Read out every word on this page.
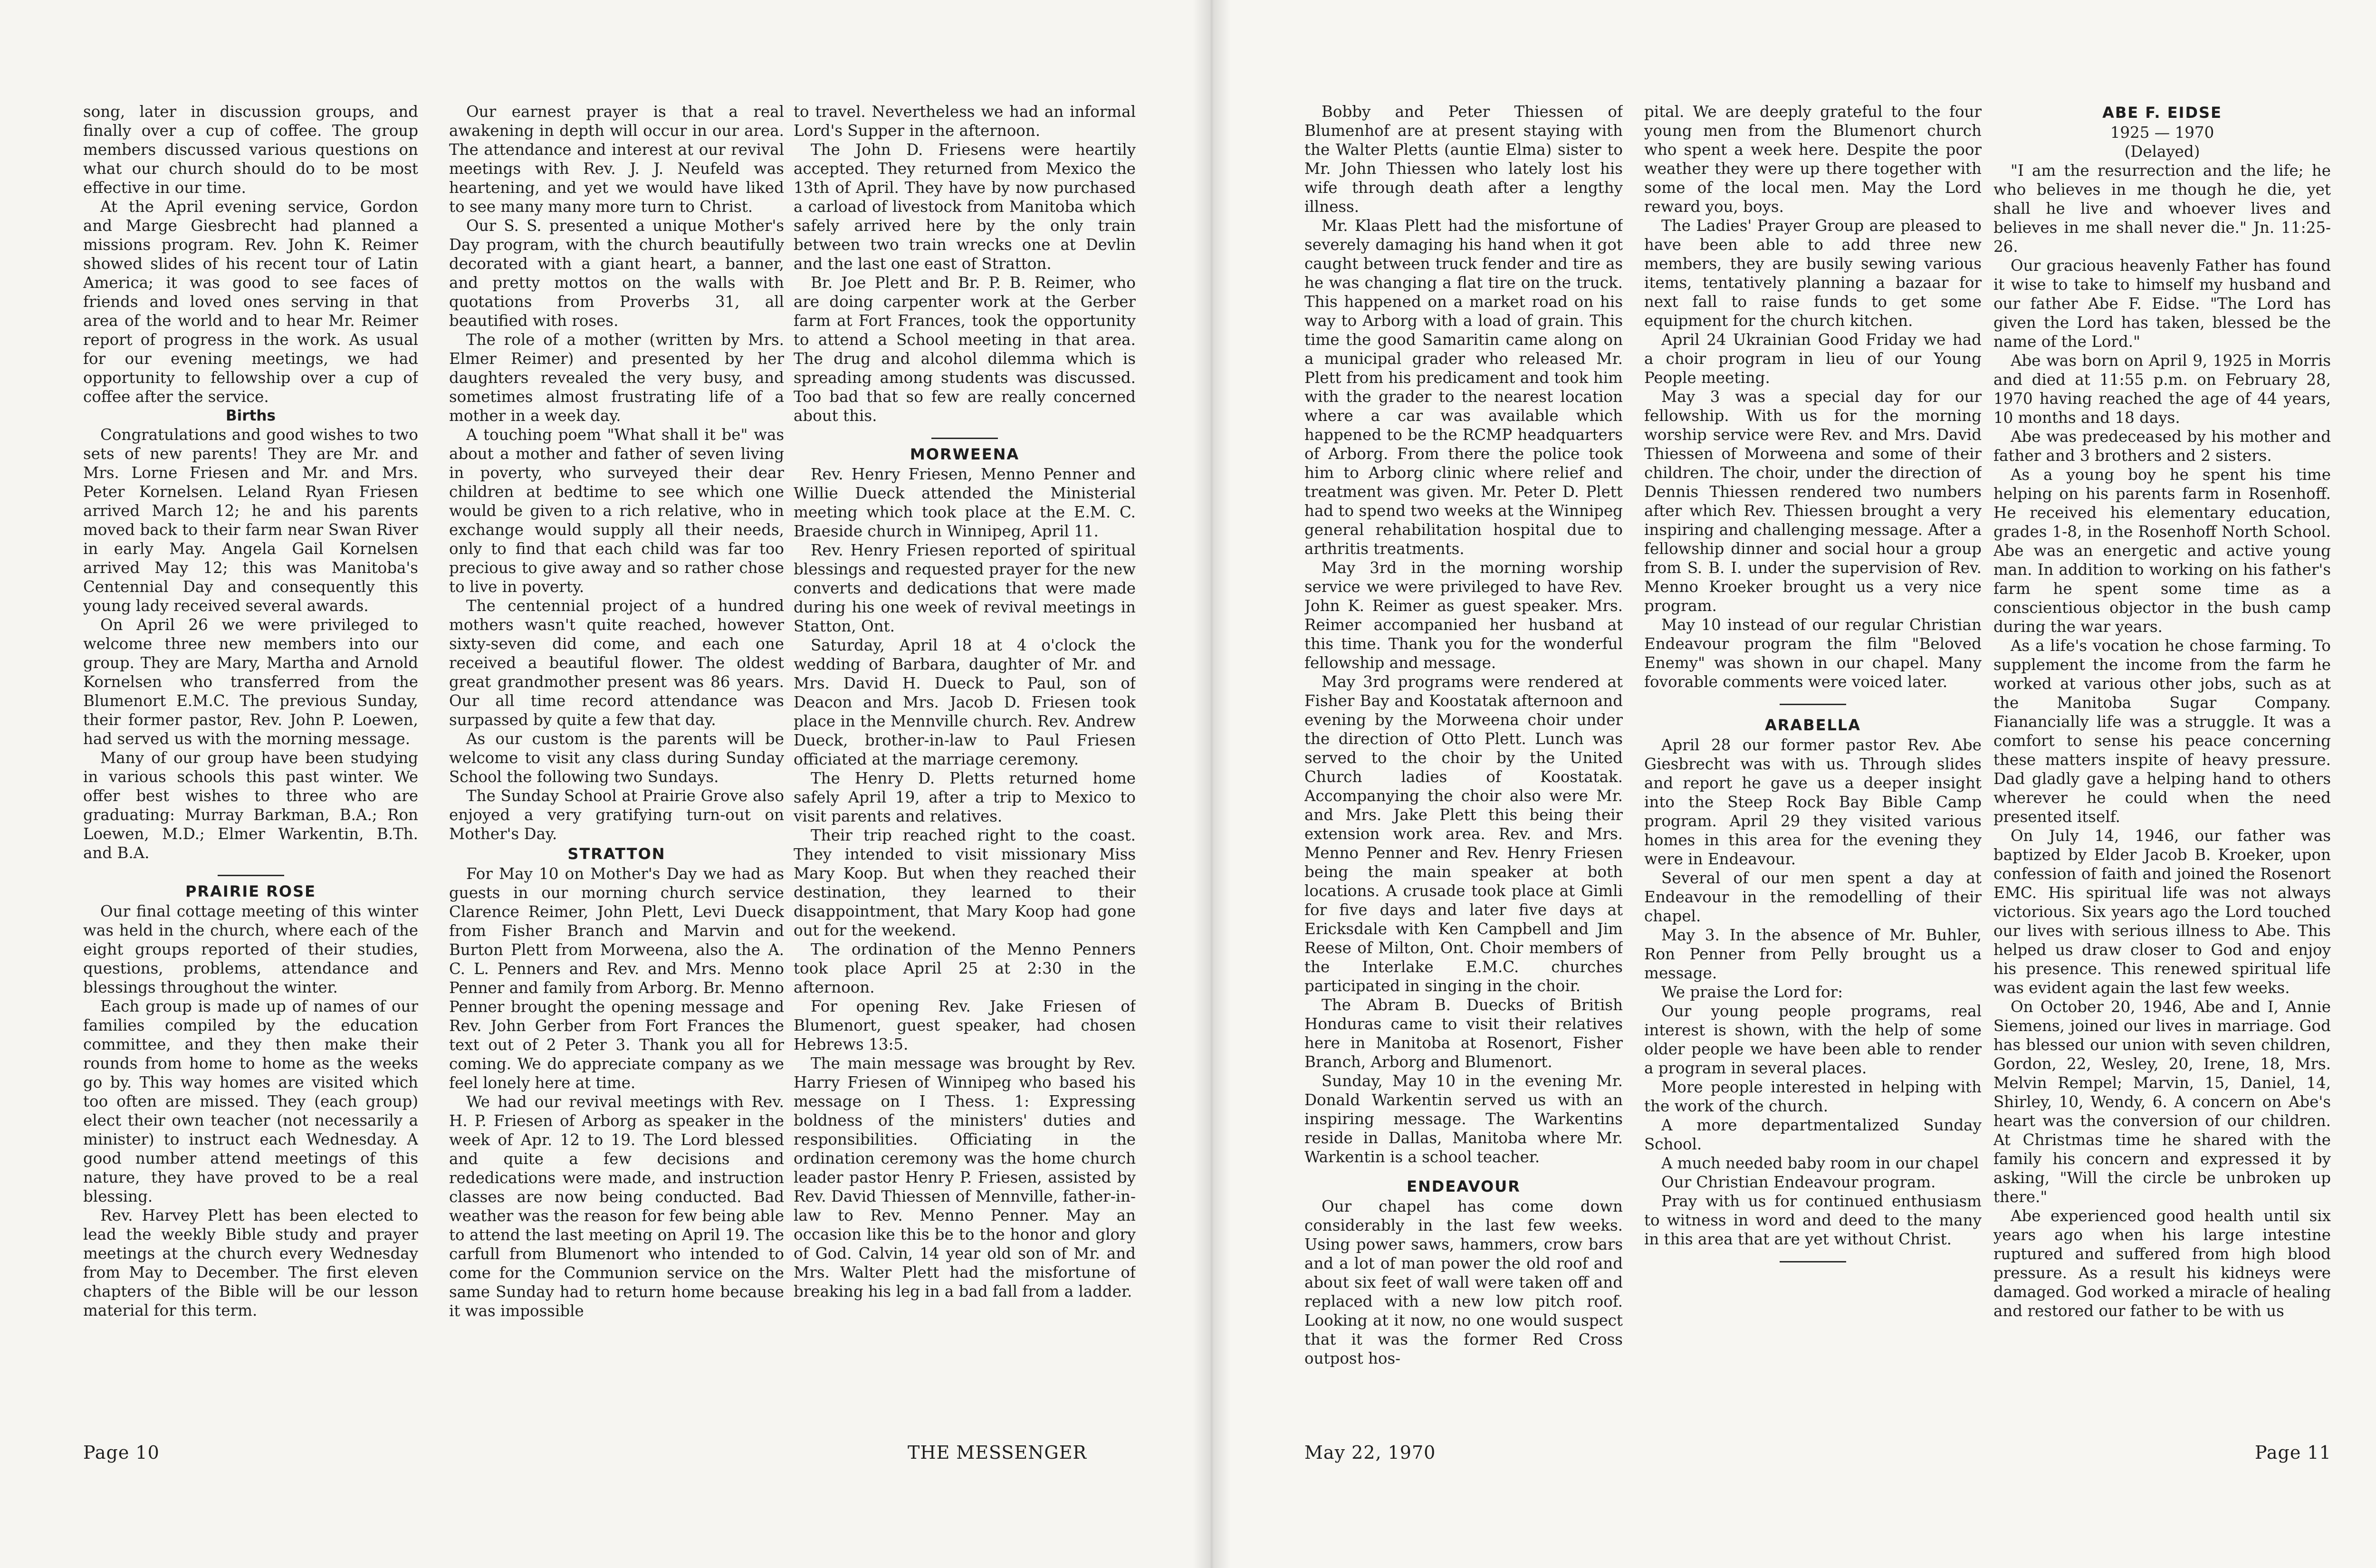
song, later in discussion groups, and finally over a cup of coffee. The group members discussed various questions on what our church should do to be most effective in our time.

At the April evening service, Gordon and Marge Giesbrecht had planned a missions program. Rev. John K. Reimer showed slides of his recent tour of Latin America; it was good to see faces of friends and loved ones serving in that area of the world and to hear Mr. Reimer report of progress in the work. As usual for our evening meetings, we had opportunity to fellowship over a cup of coffee after the service.

Births

Congratulations and good wishes to two sets of new parents! They are Mr. and Mrs. Lorne Friesen and Mr. and Mrs. Peter Kornelsen. Leland Ryan Friesen arrived March 12; he and his parents moved back to their farm near Swan River in early May. Angela Gail Kornelsen arrived May 12; this was Manitoba's Centennial Day and consequently this young lady received several awards.

On April 26 we were privileged to welcome three new members into our group. They are Mary, Martha and Arnold Kornelsen who transferred from the Blumenort E.M.C. The previous Sunday, their former pastor, Rev. John P. Loewen, had served us with the morning message.

Many of our group have been studying in various schools this past winter. We offer best wishes to three who are graduating: Murray Barkman, B.A.; Ron Loewen, M.D.; Elmer Warkentin, B.Th. and B.A.

PRAIRIE ROSE

Our final cottage meeting of this winter was held in the church, where each of the eight groups reported of their studies, questions, problems, attendance and blessings throughout the winter.

Each group is made up of names of our families compiled by the education committee, and they then make their rounds from home to home as the weeks go by. This way homes are visited which too often are missed. They (each group) elect their own teacher (not necessarily a minister) to instruct each Wednesday. A good number attend meetings of this nature, they have proved to be a real blessing.

Rev. Harvey Plett has been elected to lead the weekly Bible study and prayer meetings at the church every Wednesday from May to December. The first eleven chapters of the Bible will be our lesson material for this term.

Our earnest prayer is that a real awakening in depth will occur in our area. The attendance and interest at our revival meetings with Rev. J. J. Neufeld was heartening, and yet we would have liked to see many many more turn to Christ.

Our S. S. presented a unique Mother's Day program, with the church beautifully decorated with a giant heart, a banner, and pretty mottos on the walls with quotations from Proverbs 31, all beautified with roses.

The role of a mother (written by Mrs. Elmer Reimer) and presented by her daughters revealed the very busy, and sometimes almost frustrating life of a mother in a week day.

A touching poem "What shall it be" was about a mother and father of seven living in poverty, who surveyed their dear children at bedtime to see which one would be given to a rich relative, who in exchange would supply all their needs, only to find that each child was far too precious to give away and so rather chose to live in poverty.

The centennial project of a hundred mothers wasn't quite reached, however sixty-seven did come, and each one received a beautiful flower. The oldest great grandmother present was 86 years. Our all time record attendance was surpassed by quite a few that day.

As our custom is the parents will be welcome to visit any class during Sunday School the following two Sundays.

The Sunday School at Prairie Grove also enjoyed a very gratifying turn-out on Mother's Day.

STRATTON

For May 10 on Mother's Day we had as guests in our morning church service Clarence Reimer, John Plett, Levi Dueck from Fisher Branch and Marvin and Burton Plett from Morweena, also the A. C. L. Penners and Rev. and Mrs. Menno Penner and family from Arborg. Br. Menno Penner brought the opening message and Rev. John Gerber from Fort Frances the text out of 2 Peter 3. Thank you all for coming. We do appreciate company as we feel lonely here at time.

We had our revival meetings with Rev. H. P. Friesen of Arborg as speaker in the week of Apr. 12 to 19. The Lord blessed and quite a few decisions and rededications were made, and instruction classes are now being conducted. Bad weather was the reason for few being able to attend the last meeting on April 19. The carfull from Blumenort who intended to come for the Communion service on the same Sunday had to return home because it was impossible

to travel. Nevertheless we had an informal Lord's Supper in the afternoon.

The John D. Friesens were heartily accepted. They returned from Mexico the 13th of April. They have by now purchased a carload of livestock from Manitoba which safely arrived here by the only train between two train wrecks one at Devlin and the last one east of Stratton.

Br. Joe Plett and Br. P. B. Reimer, who are doing carpenter work at the Gerber farm at Fort Frances, took the opportunity to attend a School meeting in that area. The drug and alcohol dilemma which is spreading among students was discussed. Too bad that so few are really concerned about this.

MORWEENA

Rev. Henry Friesen, Menno Penner and Willie Dueck attended the Ministerial meeting which took place at the E.M. C. Braeside church in Winnipeg, April 11.

Rev. Henry Friesen reported of spiritual blessings and requested prayer for the new converts and dedications that were made during his one week of revival meetings in Statton, Ont.

Saturday, April 18 at 4 o'clock the wedding of Barbara, daughter of Mr. and Mrs. David H. Dueck to Paul, son of Deacon and Mrs. Jacob D. Friesen took place in the Mennville church. Rev. Andrew Dueck, brother-in-law to Paul Friesen officiated at the marriage ceremony.

The Henry D. Pletts returned home safely April 19, after a trip to Mexico to visit parents and relatives.

Their trip reached right to the coast. They intended to visit missionary Miss Mary Koop. But when they reached their destination, they learned to their disappointment, that Mary Koop had gone out for the weekend.

The ordination of the Menno Penners took place April 25 at 2:30 in the afternoon.

For opening Rev. Jake Friesen of Blumenort, guest speaker, had chosen Hebrews 13:5.

The main message was brought by Rev. Harry Friesen of Winnipeg who based his message on I Thess. 1: Expressing boldness of the ministers' duties and responsibilities. Officiating in the ordination ceremony was the home church leader pastor Henry P. Friesen, assisted by Rev. David Thiessen of Mennville, father-in-law to Rev. Menno Penner. May an occasion like this be to the honor and glory of God. Calvin, 14 year old son of Mr. and Mrs. Walter Plett had the misfortune of breaking his leg in a bad fall from a ladder.

Bobby and Peter Thiessen of Blumenhof are at present staying with the Walter Pletts (auntie Elma) sister to Mr. John Thiessen who lately lost his wife through death after a lengthy illness.

Mr. Klaas Plett had the misfortune of severely damaging his hand when it got caught between truck fender and tire as he was changing a flat tire on the truck. This happened on a market road on his way to Arborg with a load of grain. This time the good Samaritin came along on a municipal grader who released Mr. Plett from his predicament and took him with the grader to the nearest location where a car was available which happened to be the RCMP headquarters of Arborg. From there the police took him to Arborg clinic where relief and treatment was given. Mr. Peter D. Plett had to spend two weeks at the Winnipeg general rehabilitation hospital due to arthritis treatments.

May 3rd in the morning worship service we were privileged to have Rev. John K. Reimer as guest speaker. Mrs. Reimer accompanied her husband at this time. Thank you for the wonderful fellowship and message.

May 3rd programs were rendered at Fisher Bay and Koostatak afternoon and evening by the Morweena choir under the direction of Otto Plett. Lunch was served to the choir by the United Church ladies of Koostatak. Accompanying the choir also were Mr. and Mrs. Jake Plett this being their extension work area. Rev. and Mrs. Menno Penner and Rev. Henry Friesen being the main speaker at both locations. A crusade took place at Gimli for five days and later five days at Ericksdale with Ken Campbell and Jim Reese of Milton, Ont. Choir members of the Interlake E.M.C. churches participated in singing in the choir.

The Abram B. Duecks of British Honduras came to visit their relatives here in Manitoba at Rosenort, Fisher Branch, Arborg and Blumenort.

Sunday, May 10 in the evening Mr. Donald Warkentin served us with an inspiring message. The Warkentins reside in Dallas, Manitoba where Mr. Warkentin is a school teacher.

ENDEAVOUR

Our chapel has come down considerably in the last few weeks. Using power saws, hammers, crow bars and a lot of man power the old roof and about six feet of wall were taken off and replaced with a new low pitch roof. Looking at it now, no one would suspect that it was the former Red Cross outpost hos-

pital. We are deeply grateful to the four young men from the Blumenort church who spent a week here. Despite the poor weather they were up there together with some of the local men. May the Lord reward you, boys.

The Ladies' Prayer Group are pleased to have been able to add three new members, they are busily sewing various items, tentatively planning a bazaar for next fall to raise funds to get some equipment for the church kitchen.

April 24 Ukrainian Good Friday we had a choir program in lieu of our Young People meeting.

May 3 was a special day for our fellowship. With us for the morning worship service were Rev. and Mrs. David Thiessen of Morweena and some of their children. The choir, under the direction of Dennis Thiessen rendered two numbers after which Rev. Thiessen brought a very inspiring and challenging message. After a fellowship dinner and social hour a group from S. B. I. under the supervision of Rev. Menno Kroeker brought us a very nice program.

May 10 instead of our regular Christian Endeavour program the film "Beloved Enemy" was shown in our chapel. Many fovorable comments were voiced later.

ARABELLA

April 28 our former pastor Rev. Abe Giesbrecht was with us. Through slides and report he gave us a deeper insight into the Steep Rock Bay Bible Camp program. April 29 they visited various homes in this area for the evening they were in Endeavour.

Several of our men spent a day at Endeavour in the remodelling of their chapel.

May 3. In the absence of Mr. Buhler, Ron Penner from Pelly brought us a message.

We praise the Lord for:

Our young people programs, real interest is shown, with the help of some older people we have been able to render a program in several places.

More people interested in helping with the work of the church.

A more departmentalized Sunday School.

A much needed baby room in our chapel

Our Christian Endeavour program.

Pray with us for continued enthusiasm to witness in word and deed to the many in this area that are yet without Christ.

ABE F. EIDSE

1925 — 1970

(Delayed)

"I am the resurrection and the life; he who believes in me though he die, yet shall he live and whoever lives and believes in me shall never die." Jn. 11:25-26.

Our gracious heavenly Father has found it wise to take to himself my husband and our father Abe F. Eidse. "The Lord has given the Lord has taken, blessed be the name of the Lord."

Abe was born on April 9, 1925 in Morris and died at 11:55 p.m. on February 28, 1970 having reached the age of 44 years, 10 months and 18 days.

Abe was predeceased by his mother and father and 3 brothers and 2 sisters.

As a young boy he spent his time helping on his parents farm in Rosenhoff. He received his elementary education, grades 1-8, in the Rosenhoff North School. Abe was an energetic and active young man. In addition to working on his father's farm he spent some time as a conscientious objector in the bush camp during the war years.

As a life's vocation he chose farming. To supplement the income from the farm he worked at various other jobs, such as at the Manitoba Sugar Company. Fianancially life was a struggle. It was a comfort to sense his peace concerning these matters inspite of heavy pressure. Dad gladly gave a helping hand to others wherever he could when the need presented itself.

On July 14, 1946, our father was baptized by Elder Jacob B. Kroeker, upon confession of faith and joined the Rosenort EMC. His spiritual life was not always victorious. Six years ago the Lord touched our lives with serious illness to Abe. This helped us draw closer to God and enjoy his presence. This renewed spiritual life was evident again the last few weeks.

On October 20, 1946, Abe and I, Annie Siemens, joined our lives in marriage. God has blessed our union with seven children, Gordon, 22, Wesley, 20, Irene, 18, Mrs. Melvin Rempel; Marvin, 15, Daniel, 14, Shirley, 10, Wendy, 6. A concern on Abe's heart was the conversion of our children. At Christmas time he shared with the family his concern and expressed it by asking, "Will the circle be unbroken up there."

Abe experienced good health until six years ago when his large intestine ruptured and suffered from high blood pressure. As a result his kidneys were damaged. God worked a miracle of healing and restored our father to be with us

Page 10	THE MESSENGER	May 22, 1970	Page 11
